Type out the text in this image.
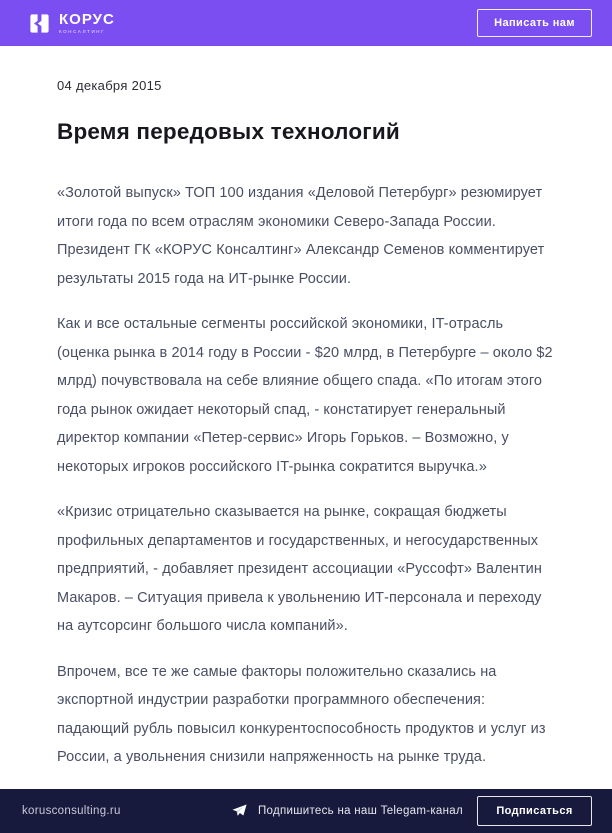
КОРУС
КОНСАЛТИНГ
Написать нам
04 декабря 2015
Время передовых технологий

«Золотой выпуск» ТОП 100 издания «Деловой Петербург» резюмирует итоги года по всем отраслям экономики Северо-Запада России. Президент ГК «КОРУС Консалтинг» Александр Семенов комментирует результаты 2015 года на ИТ-рынке России.

Как и все остальные сегменты российской экономики, IT-отрасль (оценка рынка в 2014 году в России - $20 млрд, в Петербурге – около $2 млрд) почувствовала на себе влияние общего спада. «По итогам этого года рынок ожидает некоторый спад, - констатирует генеральный директор компании «Петер-сервис» Игорь Горьков. – Возможно, у некоторых игроков российского IT-рынка сократится выручка.»

«Кризис отрицательно сказывается на рынке, сокращая бюджеты профильных департаментов и государственных, и негосударственных предприятий, - добавляет президент ассоциации «Руссофт» Валентин Макаров. – Ситуация привела к увольнению ИТ-персонала и переходу на аутсорсинг большого числа компаний».

Впрочем, все те же самые факторы положительно сказались на экспортной индустрии разработки программного обеспечения: падающий рубль повысил конкурентоспособность продуктов и услуг из России, а увольнения снизили напряженность на рынке труда.

korusconsulting.ru	Подпишитесь на наш Telegam-канал	Подписаться
